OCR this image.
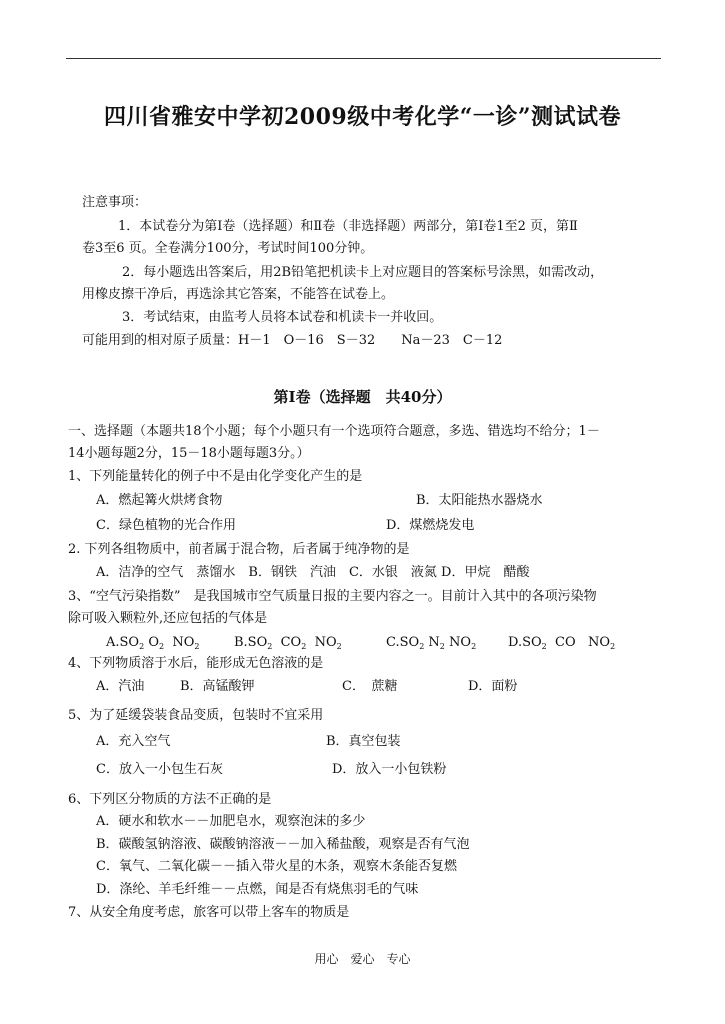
四川省雅安中学初2009级中考化学“一诊”测试试卷
注意事项：
1．本试卷分为第Ⅰ卷（选择题）和Ⅱ卷（非选择题）两部分，第Ⅰ卷1至2 页，第Ⅱ
卷3至6 页。全卷满分100分，考试时间100分钟。
2．每小题选出答案后，用2B铅笔把机读卡上对应题目的答案标号涂黑，如需改动，
用橡皮擦干净后，再选涂其它答案，不能答在试卷上。
3．考试结束，由监考人员将本试卷和机读卡一并收回。
可能用到的相对原子质量：H－1　O－16　S－32　　Na－23　C－12
第Ⅰ卷（选择题　共40分）
一、选择题（本题共18个小题；每个小题只有一个选项符合题意，多选、错选均不给分；1－
14小题每题2分，15－18小题每题3分。）
1、下列能量转化的例子中不是由化学变化产生的是
A．燃起篝火烘烤食物	B．太阳能热水器烧水
C．绿色植物的光合作用	D．煤燃烧发电
2. 下列各组物质中，前者属于混合物，后者属于纯净物的是
A．洁净的空气　蒸馏水　B．钢铁　汽油　C．水银　液氮 D．甲烷　醋酸
3、“空气污染指数”　是我国城市空气质量日报的主要内容之一。目前计入其中的各项污染物
除可吸入颗粒外,还应包括的气体是
$A.SO_2$ $O_2$  $NO_2$	$B.SO_2$  $CO_2$  $NO_2$	$C.SO_2$ $N_2$ $NO_2$ $D.SO_2$  CO   $NO_2$
4、下列物质溶于水后，能形成无色溶液的是
A．汽油	B．高锰酸钾	C．　蔗糖	D．面粉
5、为了延缓袋装食品变质，包装时不宜采用
A．充入空气	B．真空包装
C．放入一小包生石灰	D．放入一小包铁粉
6、下列区分物质的方法不正确的是
A．硬水和软水－－加肥皂水，观察泡沫的多少
B．碳酸氢钠溶液、碳酸钠溶液－－加入稀盐酸，观察是否有气泡
C．氧气、二氧化碳－－插入带火星的木条，观察木条能否复燃
D．涤纶、羊毛纤维－－点燃，闻是否有烧焦羽毛的气味
7、从安全角度考虑，旅客可以带上客车的物质是
用心　爱心　专心
